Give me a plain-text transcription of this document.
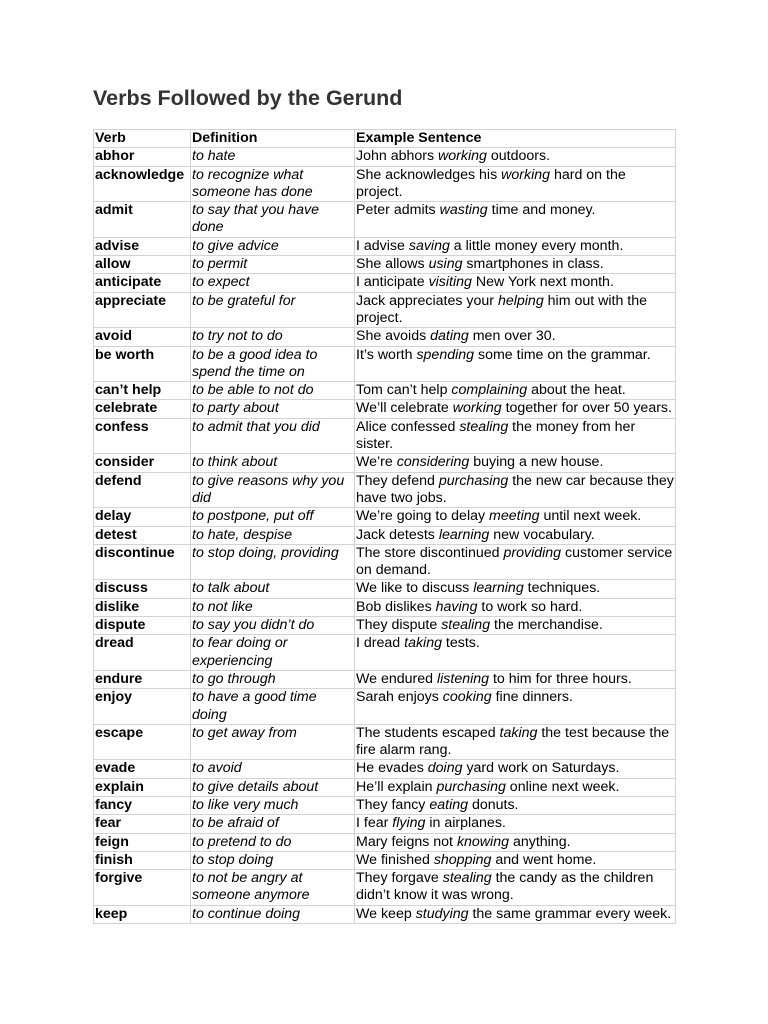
Verbs Followed by the Gerund
Verb	Definition	Example Sentence
abhor	to hate	John abhors working outdoors.
acknowledge	to recognize what someone has done	She acknowledges his working hard on the project.
admit	to say that you have done	Peter admits wasting time and money.
advise	to give advice	I advise saving a little money every month.
allow	to permit	She allows using smartphones in class.
anticipate	to expect	I anticipate visiting New York next month.
appreciate	to be grateful for	Jack appreciates your helping him out with the project.
avoid	to try not to do	She avoids dating men over 30.
be worth	to be a good idea to spend the time on	It’s worth spending some time on the grammar.
can’t help	to be able to not do	Tom can’t help complaining about the heat.
celebrate	to party about	We’ll celebrate working together for over 50 years.
confess	to admit that you did	Alice confessed stealing the money from her sister.
consider	to think about	We’re considering buying a new house.
defend	to give reasons why you did	They defend purchasing the new car because they have two jobs.
delay	to postpone, put off	We’re going to delay meeting until next week.
detest	to hate, despise	Jack detests learning new vocabulary.
discontinue	to stop doing, providing	The store discontinued providing customer service on demand.
discuss	to talk about	We like to discuss learning techniques.
dislike	to not like	Bob dislikes having to work so hard.
dispute	to say you didn’t do	They dispute stealing the merchandise.
dread	to fear doing or experiencing	I dread taking tests.
endure	to go through	We endured listening to him for three hours.
enjoy	to have a good time doing	Sarah enjoys cooking fine dinners.
escape	to get away from	The students escaped taking the test because the fire alarm rang.
evade	to avoid	He evades doing yard work on Saturdays.
explain	to give details about	He’ll explain purchasing online next week.
fancy	to like very much	They fancy eating donuts.
fear	to be afraid of	I fear flying in airplanes.
feign	to pretend to do	Mary feigns not knowing anything.
finish	to stop doing	We finished shopping and went home.
forgive	to not be angry at someone anymore	They forgave stealing the candy as the children didn’t know it was wrong.
keep	to continue doing	We keep studying the same grammar every week.
